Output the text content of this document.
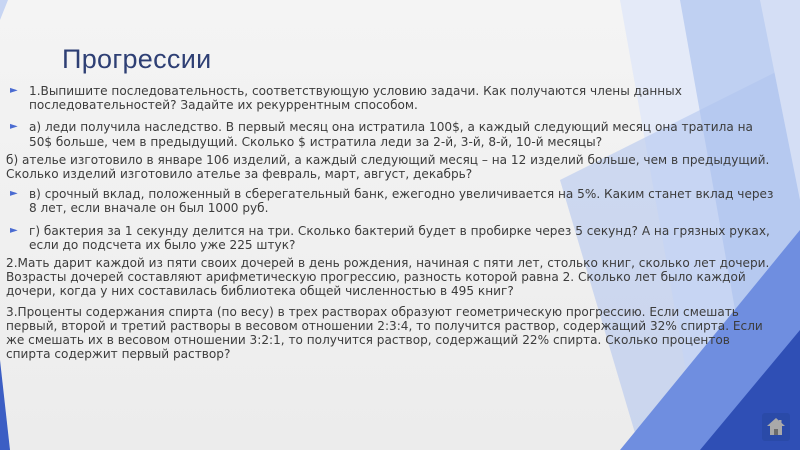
Прогрессии

► 1.Выпишите последовательность, соответствующую условию задачи. Как получаются члены данных последовательностей? Задайте их рекуррентным способом.

► а) леди получила наследство. В первый месяц она истратила 100$, а каждый следующий месяц она тратила на 50$ больше, чем в предыдущий. Сколько $ истратила леди за 2-й, 3-й, 8-й, 10-й месяцы?

б) ателье изготовило в январе 106 изделий, а каждый следующий месяц – на 12 изделий больше, чем в предыдущий. Сколько изделий изготовило ателье за февраль, март, август, декабрь?

► в) срочный вклад, положенный в сберегательный банк, ежегодно увеличивается на 5%. Каким станет вклад через 8 лет, если вначале он был 1000 руб.

► г) бактерия за 1 секунду делится на три. Сколько бактерий будет в пробирке через 5 секунд? А на грязных руках, если до подсчета их было уже 225 штук?

2.Мать дарит каждой из пяти своих дочерей в день рождения, начиная с пяти лет, столько книг, сколько лет дочери. Возрасты дочерей составляют арифметическую прогрессию, разность которой равна 2. Сколько лет было каждой дочери, когда у них составилась библиотека общей численностью в 495 книг?

3.Проценты содержания спирта (по весу) в трех растворах образуют геометрическую прогрессию. Если смешать первый, второй и третий растворы в весовом отношении 2:3:4, то получится раствор, содержащий 32% спирта. Если же смешать их в весовом отношении 3:2:1, то получится раствор, содержащий 22% спирта. Сколько процентов спирта содержит первый раствор?
